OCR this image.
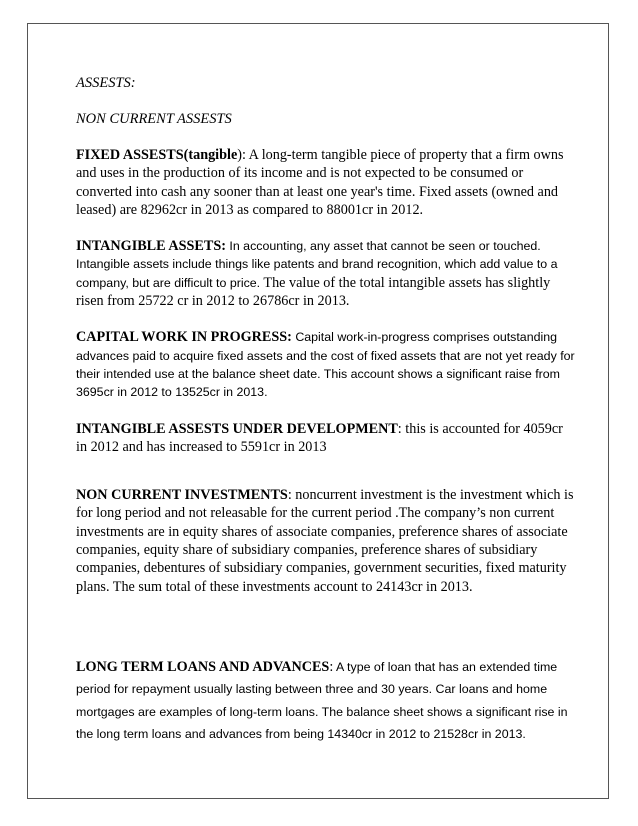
ASSESTS:

NON CURRENT ASSESTS

FIXED ASSESTS(tangible): A long-term tangible piece of property that a firm owns and uses in the production of its income and is not expected to be consumed or converted into cash any sooner than at least one year's time. Fixed assets (owned and leased) are 82962cr in 2013 as compared to 88001cr in 2012.

INTANGIBLE ASSETS: In accounting, any asset that cannot be seen or touched. Intangible assets include things like patents and brand recognition, which add value to a company, but are difficult to price. The value of the total intangible assets has slightly risen from 25722 cr in 2012 to 26786cr in 2013.

CAPITAL WORK IN PROGRESS: Capital work-in-progress comprises outstanding advances paid to acquire fixed assets and the cost of fixed assets that are not yet ready for their intended use at the balance sheet date. This account shows a significant raise from 3695cr in 2012 to 13525cr in 2013.

INTANGIBLE ASSESTS UNDER DEVELOPMENT: this is accounted for 4059cr in 2012 and has increased to 5591cr in 2013

NON CURRENT INVESTMENTS: noncurrent investment is the investment which is for long period and not releasable for the current period .The company’s non current investments are in equity shares of associate companies, preference shares of associate companies, equity share of subsidiary companies, preference shares of subsidiary companies, debentures of subsidiary companies, government securities, fixed maturity plans. The sum total of these investments account to 24143cr in 2013.

LONG TERM LOANS AND ADVANCES: A type of loan that has an extended time period for repayment usually lasting between three and 30 years. Car loans and home mortgages are examples of long-term loans. The balance sheet shows a significant rise in the long term loans and advances from being 14340cr in 2012 to 21528cr in 2013.
